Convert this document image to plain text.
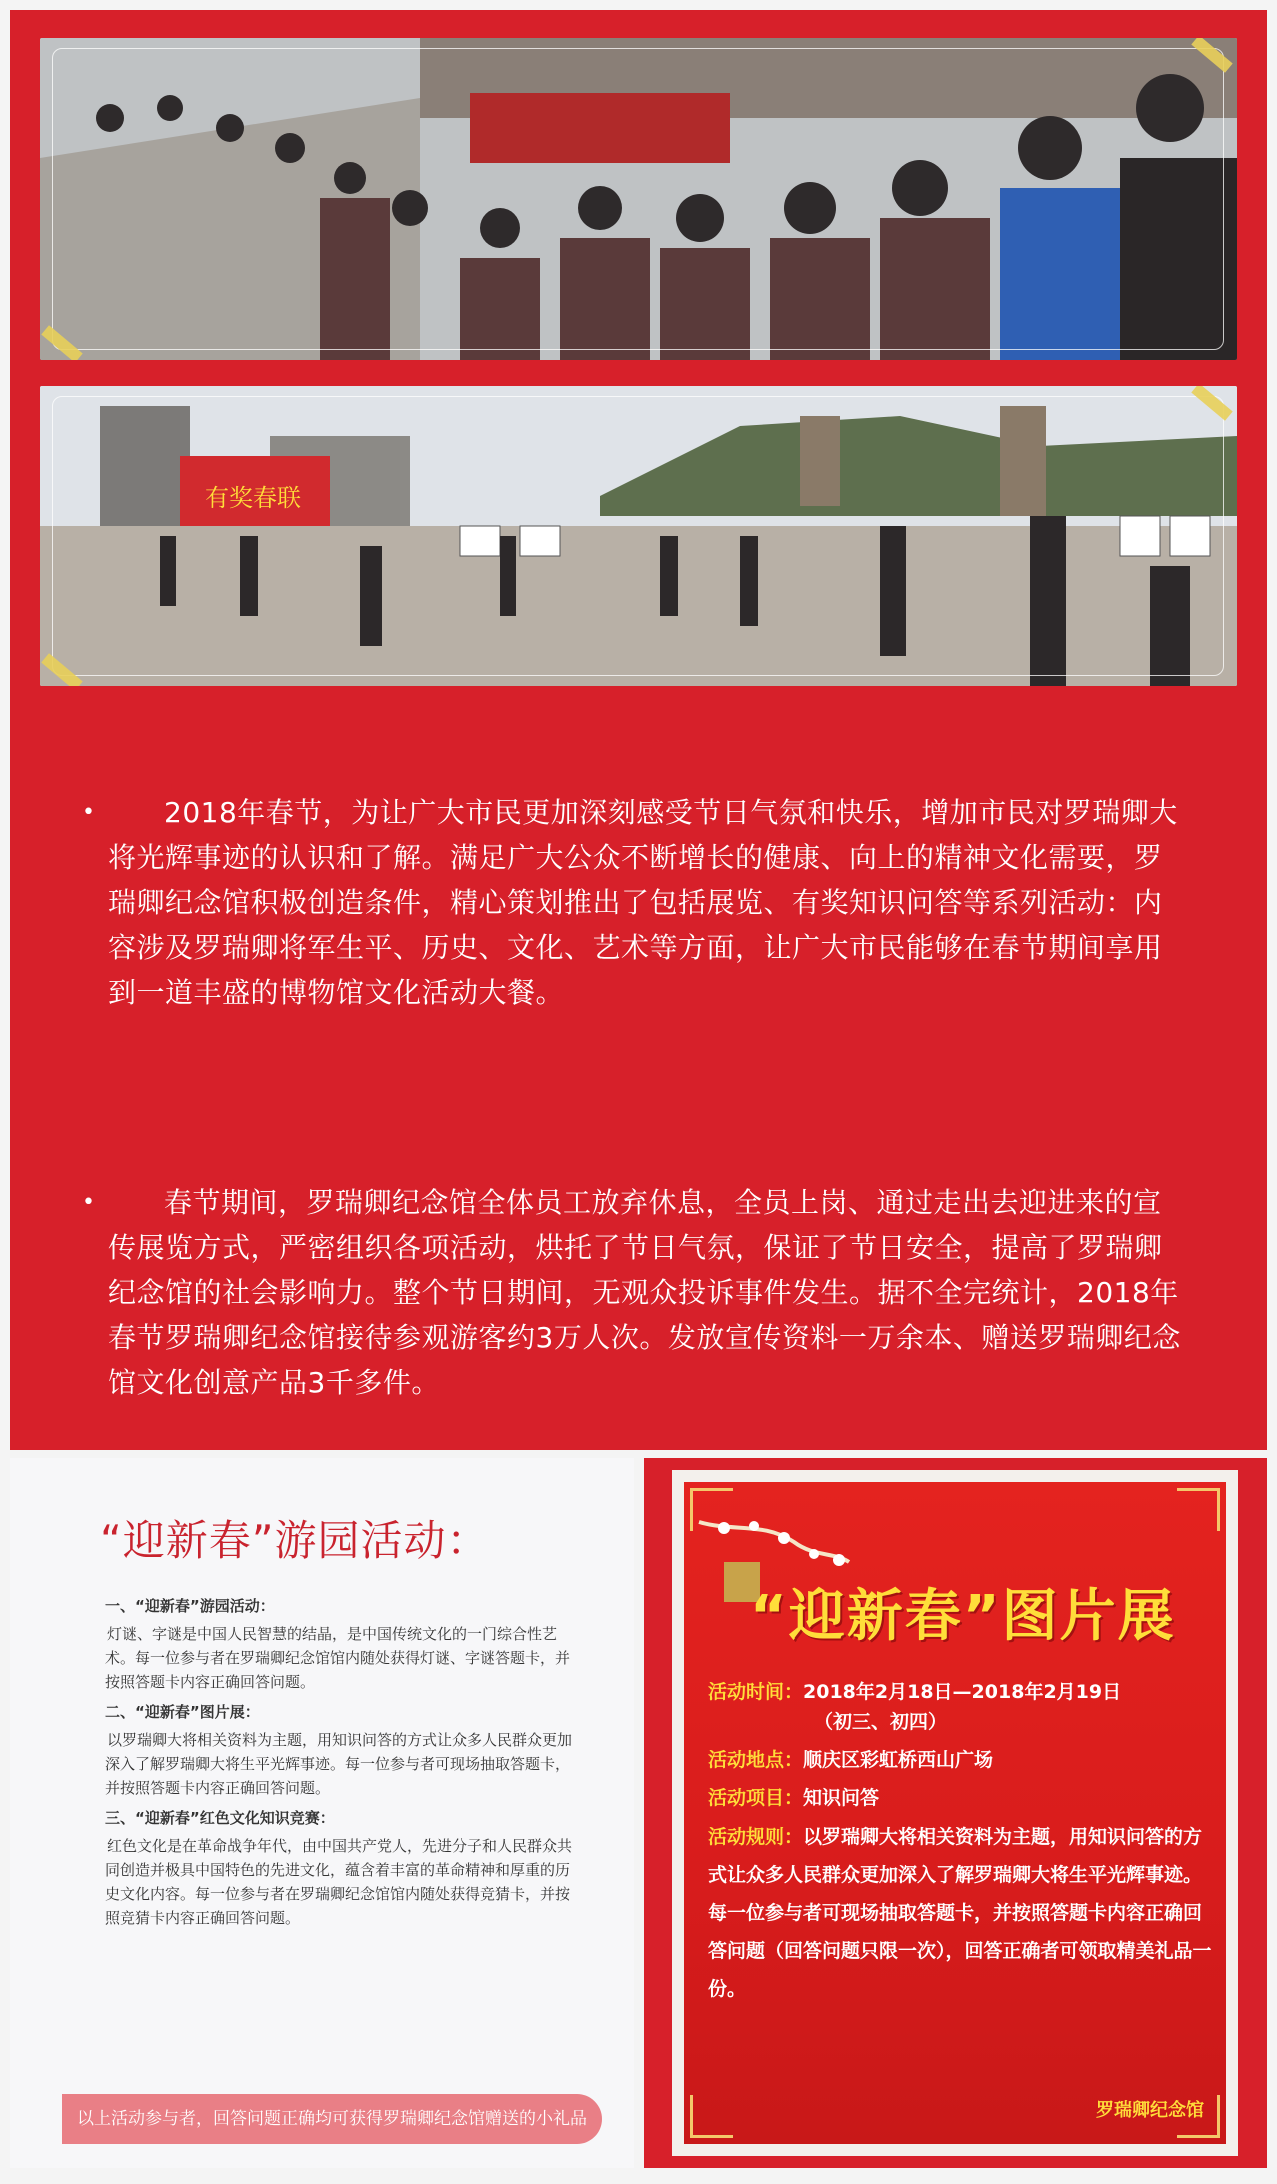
有奖春联
•	2018年春节，为让广大市民更加深刻感受节日气氛和快乐，增加市民对罗瑞卿大将光辉事迹的认识和了解。满足广大公众不断增长的健康、向上的精神文化需要，罗瑞卿纪念馆积极创造条件，精心策划推出了包括展览、有奖知识问答等系列活动：内容涉及罗瑞卿将军生平、历史、文化、艺术等方面，让广大市民能够在春节期间享用到一道丰盛的博物馆文化活动大餐。

•	春节期间，罗瑞卿纪念馆全体员工放弃休息，全员上岗、通过走出去迎进来的宣传展览方式，严密组织各项活动，烘托了节日气氛，保证了节日安全，提高了罗瑞卿纪念馆的社会影响力。整个节日期间，无观众投诉事件发生。据不全完统计，2018年春节罗瑞卿纪念馆接待参观游客约3万人次。发放宣传资料一万余本、赠送罗瑞卿纪念馆文化创意产品3千多件。

“迎新春”游园活动：
一、“迎新春”游园活动：
灯谜、字谜是中国人民智慧的结晶，是中国传统文化的一门综合性艺术。每一位参与者在罗瑞卿纪念馆馆内随处获得灯谜、字谜答题卡，并按照答题卡内容正确回答问题。
二、“迎新春”图片展：
以罗瑞卿大将相关资料为主题，用知识问答的方式让众多人民群众更加深入了解罗瑞卿大将生平光辉事迹。每一位参与者可现场抽取答题卡，并按照答题卡内容正确回答问题。
三、“迎新春”红色文化知识竞赛：
红色文化是在革命战争年代，由中国共产党人，先进分子和人民群众共同创造并极具中国特色的先进文化，蕴含着丰富的革命精神和厚重的历史文化内容。每一位参与者在罗瑞卿纪念馆馆内随处获得竞猜卡，并按照竞猜卡内容正确回答问题。
以上活动参与者，回答问题正确均可获得罗瑞卿纪念馆赠送的小礼品
“迎新春”图片展
活动时间：2018年2月18日—2018年2月19日
（初三、初四）
活动地点：顺庆区彩虹桥西山广场
活动项目：知识问答
活动规则：以罗瑞卿大将相关资料为主题，用知识问答的方式让众多人民群众更加深入了解罗瑞卿大将生平光辉事迹。每一位参与者可现场抽取答题卡，并按照答题卡内容正确回答问题（回答问题只限一次），回答正确者可领取精美礼品一份。
罗瑞卿纪念馆
